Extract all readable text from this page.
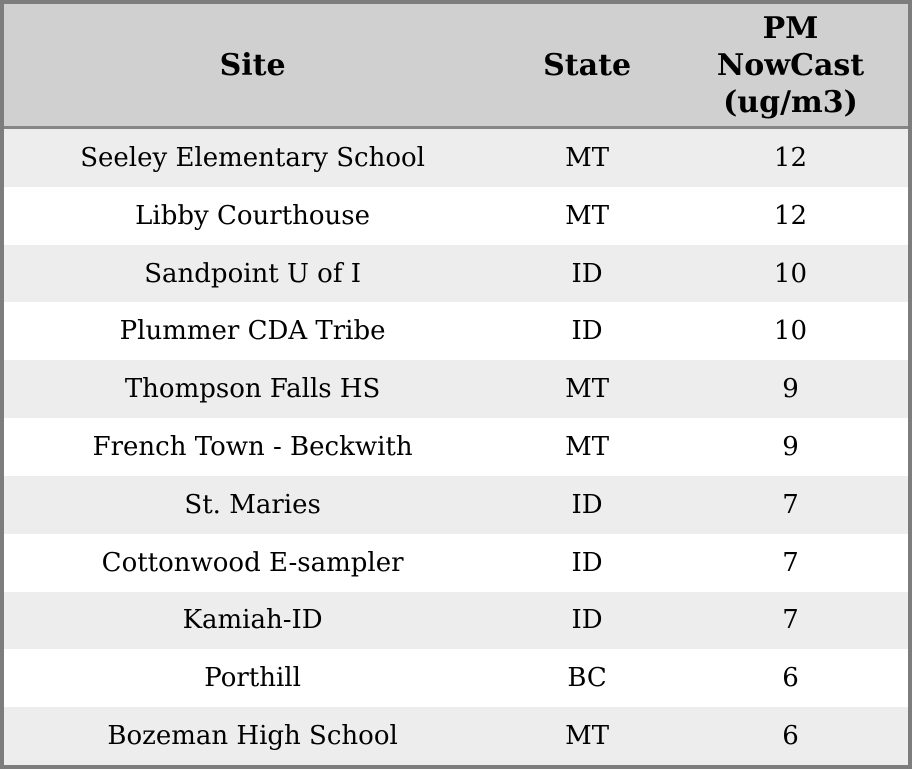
Site	State	PM
NowCast
(ug/m3)

Seeley Elementary School	MT	12
Libby Courthouse	MT	12
Sandpoint U of I	ID	10
Plummer CDA Tribe	ID	10
Thompson Falls HS	MT	9
French Town - Beckwith	MT	9
St. Maries	ID	7
Cottonwood E-sampler	ID	7
Kamiah-ID	ID	7
Porthill	BC	6
Bozeman High School	MT	6
